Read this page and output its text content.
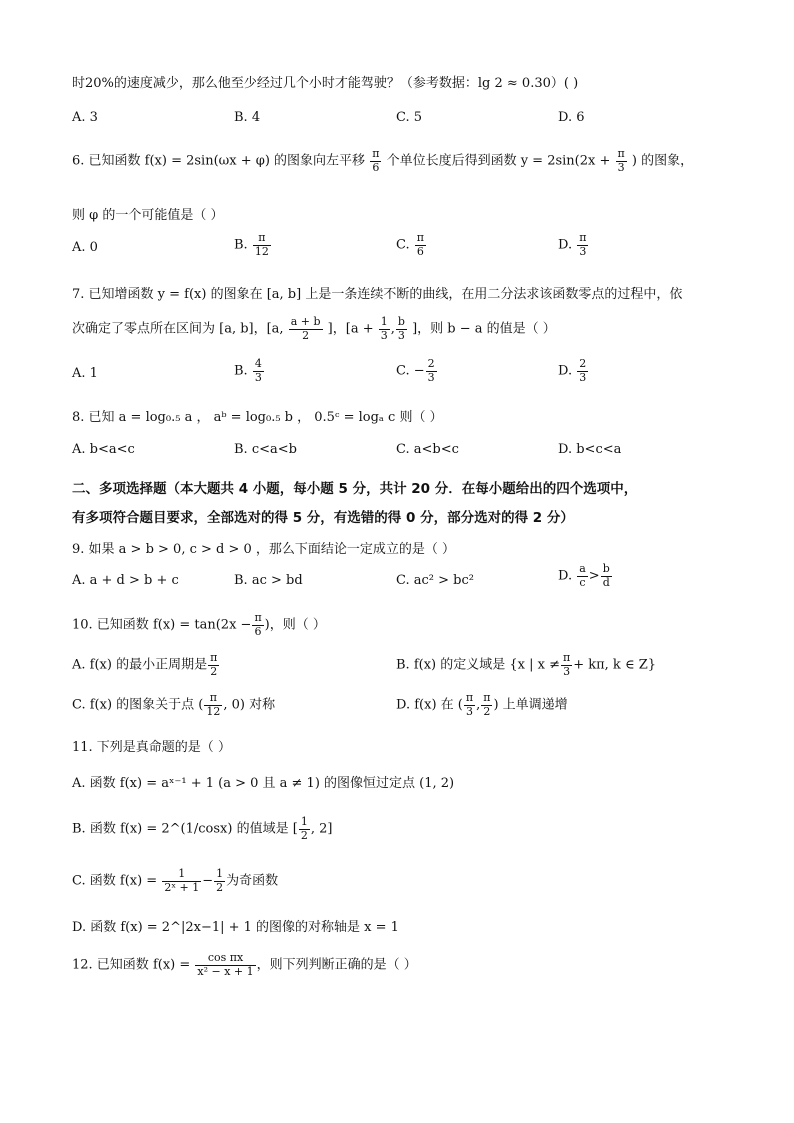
时20%的速度减少，那么他至少经过几个小时才能驾驶？（参考数据：lg 2 ≈ 0.30）( )
A. 3	B. 4	C. 5	D. 6
6. 已知函数 f(x) = 2sin(ωx + φ) 的图象向左平移 $\frac{\pi}{6}$ 个单位长度后得到函数 $y = 2\sin(2x + \frac{\pi}{3}$ ) 的图象，
则 φ 的一个可能值是（ ）
A. 0	B. $\frac{\pi}{12}$	C. $\frac{\pi}{6}$	D. $\frac{\pi}{3}$
7. 已知增函数 y = f(x) 的图象在 [a, b] 上是一条连续不断的曲线，在用二分法求该函数零点的过程中，依
次确定了零点所在区间为 [a, b]，[a, $\frac{a + b}{2}$ ]，[$a + \frac{1}{3}$ , $\frac{b}{3}$ ]，则 b − a 的值是（ ）
A. 1	B. $\frac{4}{3}$	C. − $\frac{2}{3}$	D. $\frac{2}{3}$
8. 已知 a = log₀.₅ a ， aᵇ = log₀.₅ b ， 0.5ᶜ = logₐ c 则（ ）
A. b<a<c	B. c<a<b	C. a<b<c	D. b<c<a
二、多项选择题（本大题共 4 小题，每小题 5 分，共计 20 分．在每小题给出的四个选项中，
有多项符合题目要求，全部选对的得 5 分，有选错的得 0 分，部分选对的得 2 分）
9. 如果 a > b > 0, c > d > 0 ，那么下面结论一定成立的是（ ）
A. a + d > b + c	B. ac > bd	C. ac² > bc²	D. $\frac{a}{c} > \frac{b}{d}$
10. 已知函数 $f(x) = \tan(2x - \frac{\pi}{6}$ )，则（ ）
A. f(x) 的最小正周期是 $\frac{\pi}{2}$	B. f(x) 的定义域是 {x | $x \ne \frac{\pi}{3} + k\pi$, k ∈ Z}
C. f(x) 的图象关于点 ( $\frac{\pi}{12}$ , 0) 对称	D. f(x) 在 ( $\frac{\pi}{3}$ , $\frac{\pi}{2}$ ) 上单调递增
11. 下列是真命题的是（ ）
A. 函数 f(x) = aˣ⁻¹ + 1 (a > 0 且 a ≠ 1) 的图像恒过定点 (1, 2)
B. 函数 f(x) = 2^(1/cosx) 的值域是 [ $\frac{1}{2}$ , 2]
C. 函数 $f(x) = \frac{1}{\text{2ˣ + 1}} - \frac{1}{2}$ 为奇函数
D. 函数 f(x) = 2^|2x−1| + 1 的图像的对称轴是 x = 1
12. 已知函数 $f(x) = \frac{\text{cos πx}}{\text{x² − x + 1}}$ ，则下列判断正确的是（ ）
